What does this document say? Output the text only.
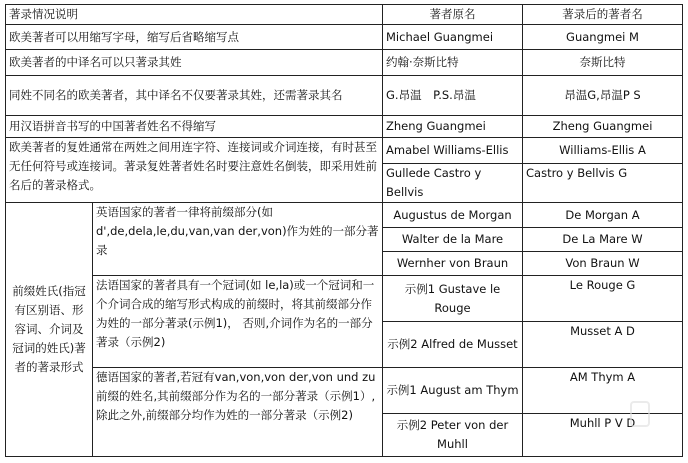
著录情况说明		著者原名	著录后的著者名
欧美著者可以用缩写字母，缩写后省略缩写点		Michael Guangmei	Guangmei M
欧美著者的中译名可以只著录其姓		约翰·奈斯比特	奈斯比特
同姓不同名的欧美著者，其中译名不仅要著录其姓，还需著录其名		G.昂温　P.S.昂温	昂温G,昂温P S
用汉语拼音书写的中国著者姓名不得缩写		Zheng Guangmei	Zheng Guangmei
欧美著者的复姓通常在两姓之间用连字符、连接词或介词连接，有时甚至无任何符号或连接词。著录复姓著者姓名时要注意姓名倒装，即采用姓前名后的著录格式。		Amabel Williams-Ellis	Williams-Ellis A
		Gullede Castro y Bellvis	Castro y Bellvis G
前缀姓氏(指冠有区别语、形容词、介词及冠词的姓氏)著者的著录形式	英语国家的著者一律将前缀部分(如d',de,dela,le,du,van,van der,von)作为姓的一部分著录	Augustus de Morgan	De Morgan A
		Walter de la Mare	De La Mare W
		Wernher von Braun	Von Braun W
	法语国家的著者具有一个冠词(如 le,la)或一个冠词和一个介词合成的缩写形式构成的前缀时，将其前缀部分作为姓的一部分著录(示例1)， 否则,介词作为名的一部分著录（示例2)	示例1 Gustave le Rouge	Le Rouge G
		示例2 Alfred de Musset	Musset A D
	德语国家的著者,若冠有van,von,von der,von und zu 前缀的姓名,其前缀部分作为名的一部分著录（示例1）,除此之外,前缀部分均作为姓的一部分著录（示例2)	示例1 August am Thym	AM Thym A
		示例2 Peter von der Muhll	Muhll P V D
